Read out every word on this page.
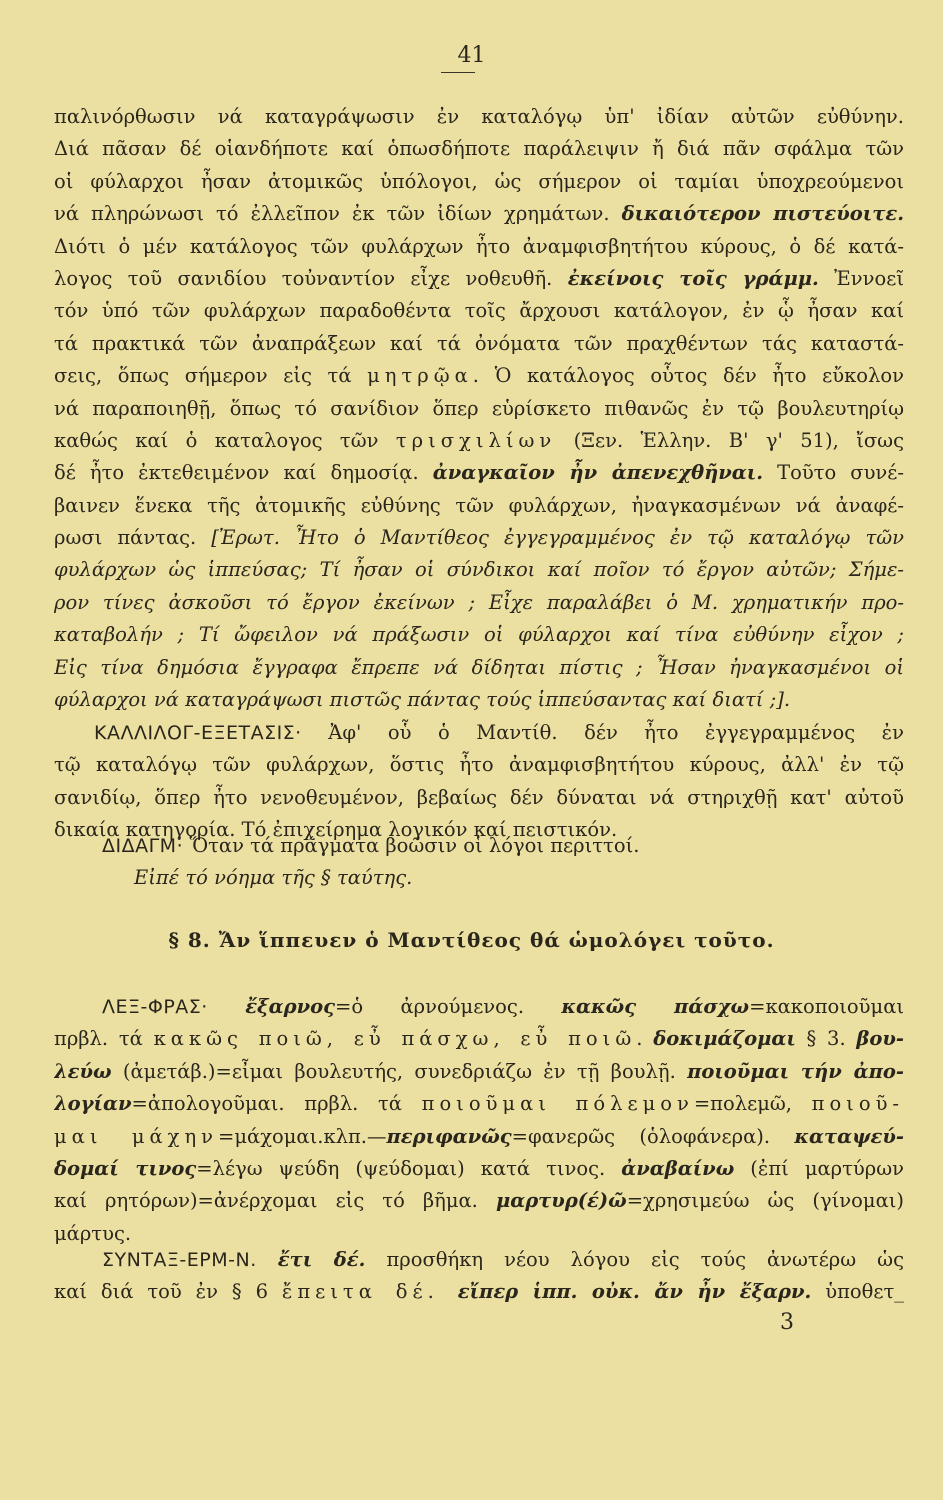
41
παλινόρθωσιν νά καταγράψωσιν ἐν καταλόγῳ ὑπ' ἰδίαν αὐτῶν εὐθύνην.
Διά πᾶσαν δέ οἱανδήποτε καί ὁπωσδήποτε παράλειψιν ἤ διά πᾶν σφάλμα τῶν
οἱ φύλαρχοι ἦσαν ἀτομικῶς ὑπόλογοι, ὡς σήμερον οἱ ταμίαι ὑποχρεούμενοι
νά πληρώνωσι τό ἐλλεῖπον ἐκ τῶν ἰδίων χρημάτων. δικαιότερον πιστεύοιτε.
Διότι ὁ μέν κατάλογος τῶν φυλάρχων ἦτο ἀναμφισβητήτου κύρους, ὁ δέ κατά-
λογος τοῦ σανιδίου τοὐναντίον εἶχε νοθευθῆ. ἐκείνοις τοῖς γράμμ. Ἐννοεῖ
τόν ὑπό τῶν φυλάρχων παραδοθέντα τοῖς ἄρχουσι κατάλογον, ἐν ᾧ ἦσαν καί
τά πρακτικά τῶν ἀναπράξεων καί τά ὀνόματα τῶν πραχθέντων τάς καταστά-
σεις, ὅπως σήμερον εἰς τά μητρῷα. Ὁ κατάλογος οὗτος δέν ἦτο εὔκολον
νά παραποιηθῇ, ὅπως τό σανίδιον ὅπερ εὑρίσκετο πιθανῶς ἐν τῷ βουλευτηρίῳ
καθώς καί ὁ καταλογος τῶν τρισχιλίων (Ξεν. Ἑλλην. Β' γ' 51), ἴσως
δέ ἦτο ἐκτεθειμένον καί δημοσίᾳ. ἀναγκαῖον ἦν ἀπενεχθῆναι. Τοῦτο συνέ-
βαινεν ἕνεκα τῆς ἀτομικῆς εὐθύνης τῶν φυλάρχων, ἠναγκασμένων νά ἀναφέ-
ρωσι πάντας. [Ἐρωτ. Ἦτο ὁ Μαντίθεος ἐγγεγραμμένος ἐν τῷ καταλόγῳ τῶν
φυλάρχων ὡς ἱππεύσας; Τί ἦσαν οἱ σύνδικοι καί ποῖον τό ἔργον αὐτῶν; Σήμε-
ρον τίνες ἀσκοῦσι τό ἔργον ἐκείνων ; Εἶχε παραλάβει ὁ Μ. χρηματικήν προ-
καταβολήν ; Τί ὤφειλον νά πράξωσιν οἱ φύλαρχοι καί τίνα εὐθύνην εἶχον ;
Εἰς τίνα δημόσια ἔγγραφα ἔπρεπε νά δίδηται πίστις ; Ἦσαν ἠναγκασμένοι οἱ
φύλαρχοι νά καταγράψωσι πιστῶς πάντας τούς ἱππεύσαντας καί διατί ;].
ΚΑΛΛΙΛΟΓ-ΕΞΕΤΑΣΙΣ· Ἀφ' οὗ ὁ Μαντίθ. δέν ἦτο ἐγγεγραμμένος ἐν
τῷ καταλόγῳ τῶν φυλάρχων, ὅστις ἦτο ἀναμφισβητήτου κύρους, ἀλλ' ἐν τῷ
σανιδίῳ, ὅπερ ἦτο νενοθευμένον, βεβαίως δέν δύναται νά στηριχθῇ κατ' αὐτοῦ
δικαία κατηγορία. Τό ἐπιχείρημα λογικόν καί πειστικόν.
ΔΙΔΑΓΜ· Ὅταν τά πράγματα βοῶσιν οἱ λόγοι περιττοί.
Εἰπέ τό νόημα τῆς § ταύτης.
§ 8. Ἄν ἵππευεν ὁ Μαντίθεος θά ὡμολόγει τοῦτο.
ΛΕΞ-ΦΡΑΣ· ἔξαρνος=ὁ ἀρνούμενος. κακῶς πάσχω=κακοποιοῦμαι
πρβλ. τά κακῶς ποιῶ, εὖ πάσχω, εὖ ποιῶ. δοκιμάζομαι § 3. βου-
λεύω (ἀμετάβ.)=εἶμαι βουλευτής, συνεδριάζω ἐν τῇ βουλῇ. ποιοῦμαι τήν ἀπο-
λογίαν=ἀπολογοῦμαι. πρβλ. τά ποιοῦμαι πόλεμον=πολεμῶ, ποιοῦ-
μαι μάχην=μάχομαι.κλπ.—περιφανῶς=φανερῶς (ὁλοφάνερα). καταψεύ-
δομαί τινος=λέγω ψεύδη (ψεύδομαι) κατά τινος. ἀναβαίνω (ἐπί μαρτύρων
καί ρητόρων)=ἀνέρχομαι εἰς τό βῆμα. μαρτυρ(έ)ῶ=χρησιμεύω ὡς (γίνομαι)
μάρτυς.
ΣΥΝΤΑΞ-ΕΡΜ-Ν. ἔτι δέ. προσθήκη νέου λόγου εἰς τούς ἀνωτέρω ὡς
καί διά τοῦ ἐν § 6 ἔπειτα δέ. εἴπερ ἱππ. οὐκ. ἄν ἦν ἔξαρν. ὑποθετ_
3
